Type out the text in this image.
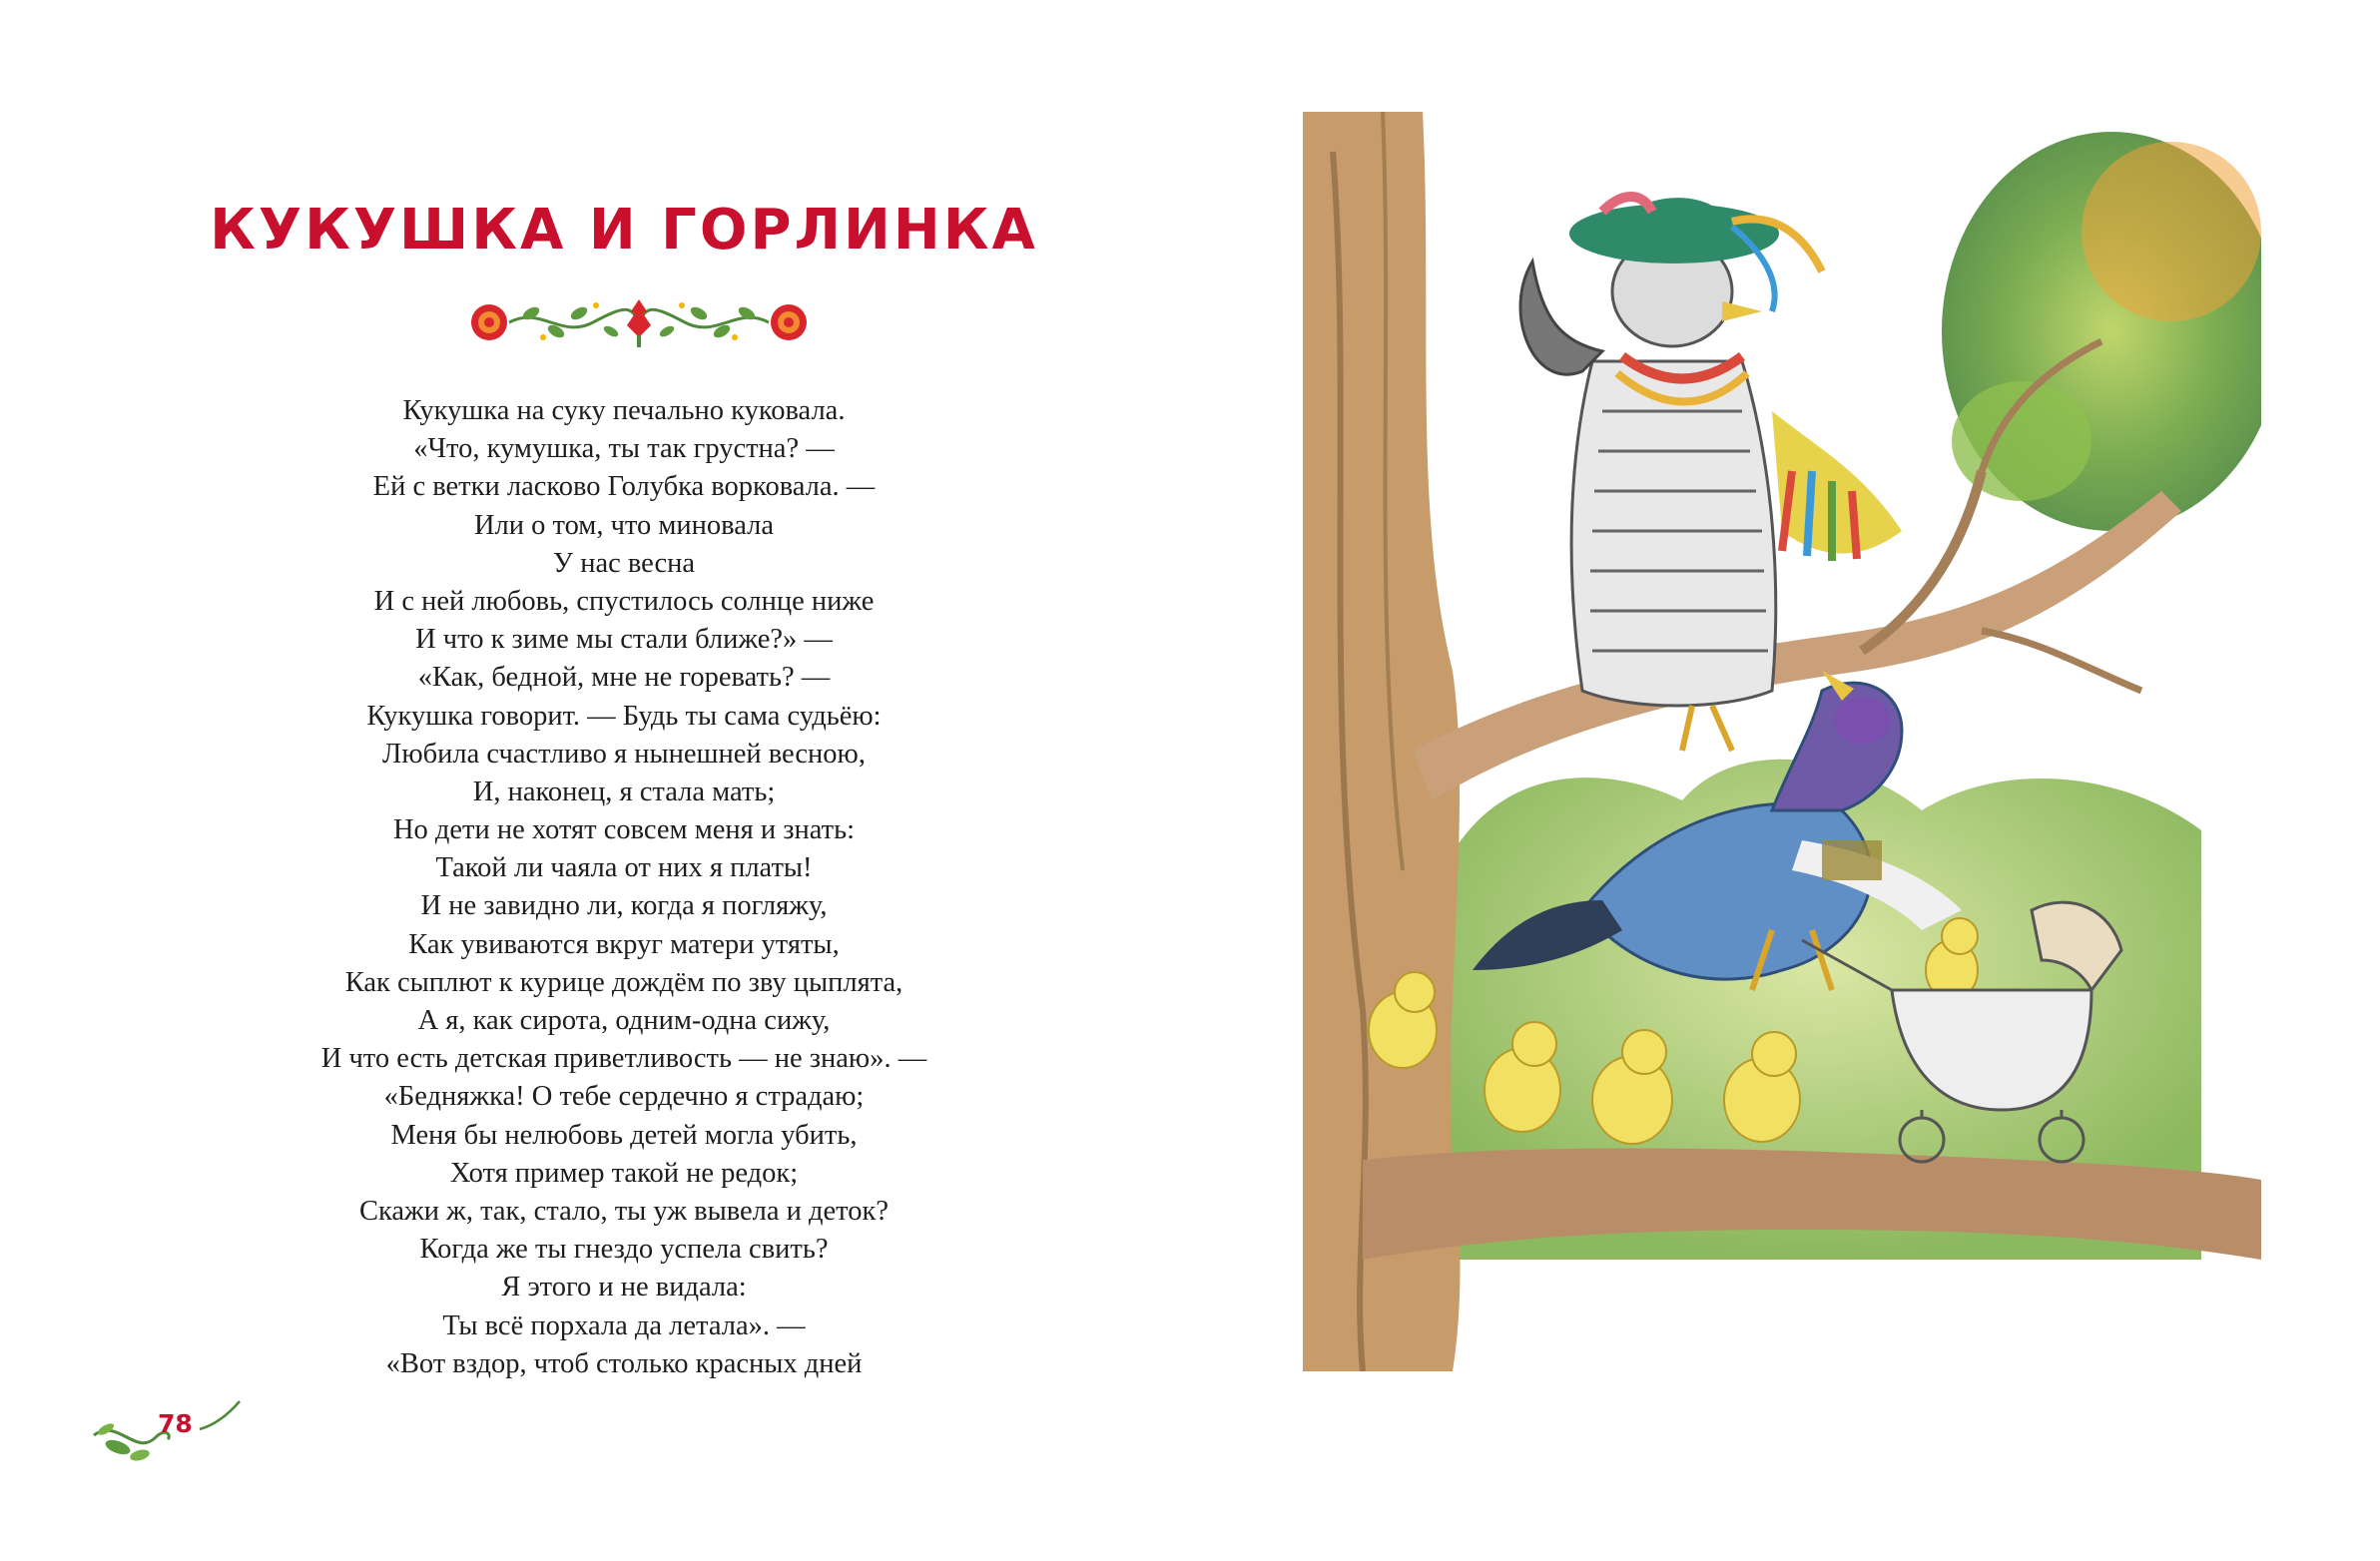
КУКУШКА И ГОРЛИНКА
Кукушка на суку печально куковала.
«Что, кумушка, ты так грустна? —
Ей с ветки ласково Голубка ворковала. —
Или о том, что миновала
У нас весна
И с ней любовь, спустилось солнце ниже
И что к зиме мы стали ближе?» —
«Как, бедной, мне не горевать? —
Кукушка говорит. — Будь ты сама судьёю:
Любила счастливо я нынешней весною,
И, наконец, я стала мать;
Но дети не хотят совсем меня и знать:
Такой ли чаяла от них я платы!
И не завидно ли, когда я погляжу,
Как увиваются вкруг матери утяты,
Как сыплют к курице дождём по зву цыплята,
А я, как сирота, одним-одна сижу,
И что есть детская приветливость — не знаю». —
«Бедняжка! О тебе сердечно я страдаю;
Меня бы нелюбовь детей могла убить,
Хотя пример такой не редок;
Скажи ж, так, стало, ты уж вывела и деток?
Когда же ты гнездо успела свить?
Я этого и не видала:
Ты всё порхала да летала». —
«Вот вздор, чтоб столько красных дней
78
